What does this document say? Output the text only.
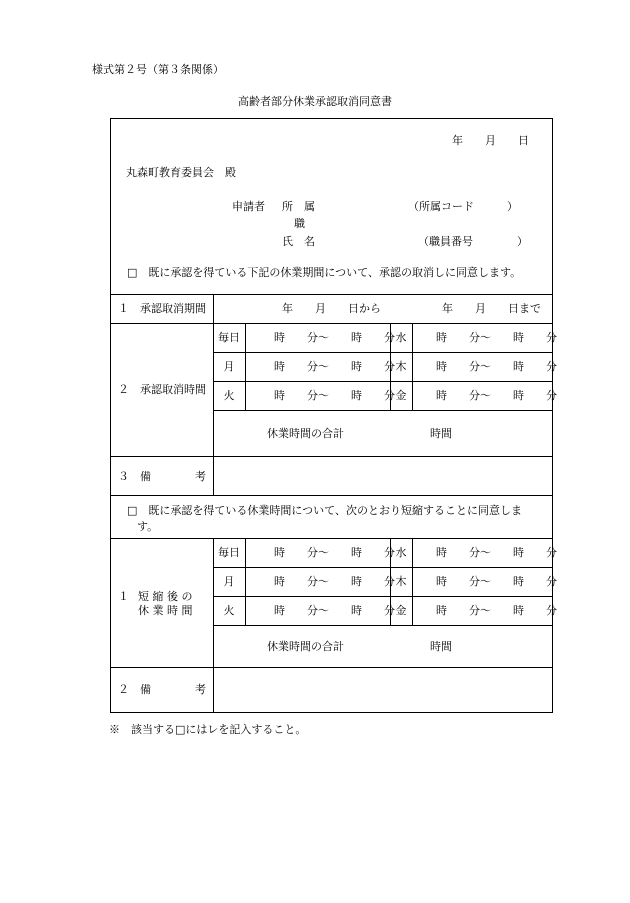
様式第２号（第３条関係）
高齢者部分休業承認取消同意書
年　　月　　日
丸森町教育委員会　殿
申請者 所　属	（所属コード　　　）
職
氏　名	（職員番号　　　　）
□　既に承認を得ている下記の休業期間について、承認の取消しに同意します。
１　承認取消期間	年　　月　　日から	年　　月　　日まで
２　承認取消時間
毎日	時　　分〜　　時　　分 水	時　　分〜　　時　　分
月	時　　分〜　　時　　分 木	時　　分〜　　時　　分
火	時　　分〜　　時　　分 金	時　　分〜　　時　　分
休業時間の合計	時間
３　備　　　　考
□　既に承認を得ている休業時間について、次のとおり短縮することに同意しま
す。
１ 短 縮 後 の
休 業 時 間
毎日	時　　分〜　　時　　分 水	時　　分〜　　時　　分
月	時　　分〜　　時　　分 木	時　　分〜　　時　　分
火	時　　分〜　　時　　分 金	時　　分〜　　時　　分
休業時間の合計	時間
２　備　　　　考
※　該当する□にはレを記入すること。
